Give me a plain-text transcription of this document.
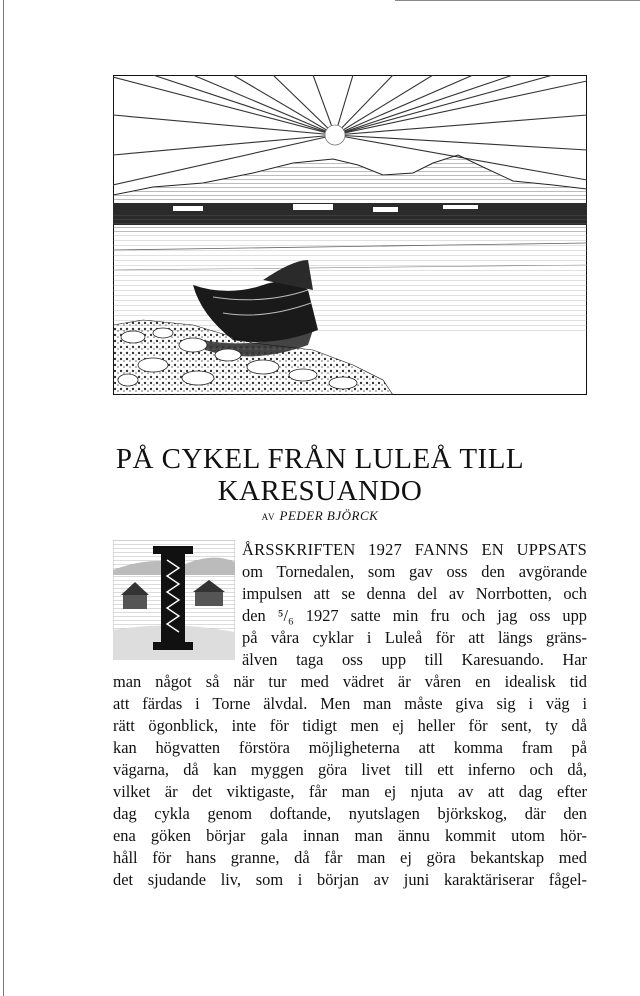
PÅ CYKEL FRÅN LULEÅ TILL
KARESUANDO
AV PEDER BJÖRCK
ÅRSSKRIFTEN 1927 FANNS EN UPPSATS
om Tornedalen, som gav oss den avgörande
impulsen att se denna del av Norrbotten, och
den ⁵/₆ 1927 satte min fru och jag oss upp
på våra cyklar i Luleå för att längs gräns-
älven taga oss upp till Karesuando. Har
man något så när tur med vädret är våren en idealisk tid
att färdas i Torne älvdal. Men man måste giva sig i väg i
rätt ögonblick, inte för tidigt men ej heller för sent, ty då
kan högvatten förstöra möjligheterna att komma fram på
vägarna, då kan myggen göra livet till ett inferno och då,
vilket är det viktigaste, får man ej njuta av att dag efter
dag cykla genom doftande, nyutslagen björkskog, där den
ena göken börjar gala innan man ännu kommit utom hör-
håll för hans granne, då får man ej göra bekantskap med
det sjudande liv, som i början av juni karaktäriserar fågel-
